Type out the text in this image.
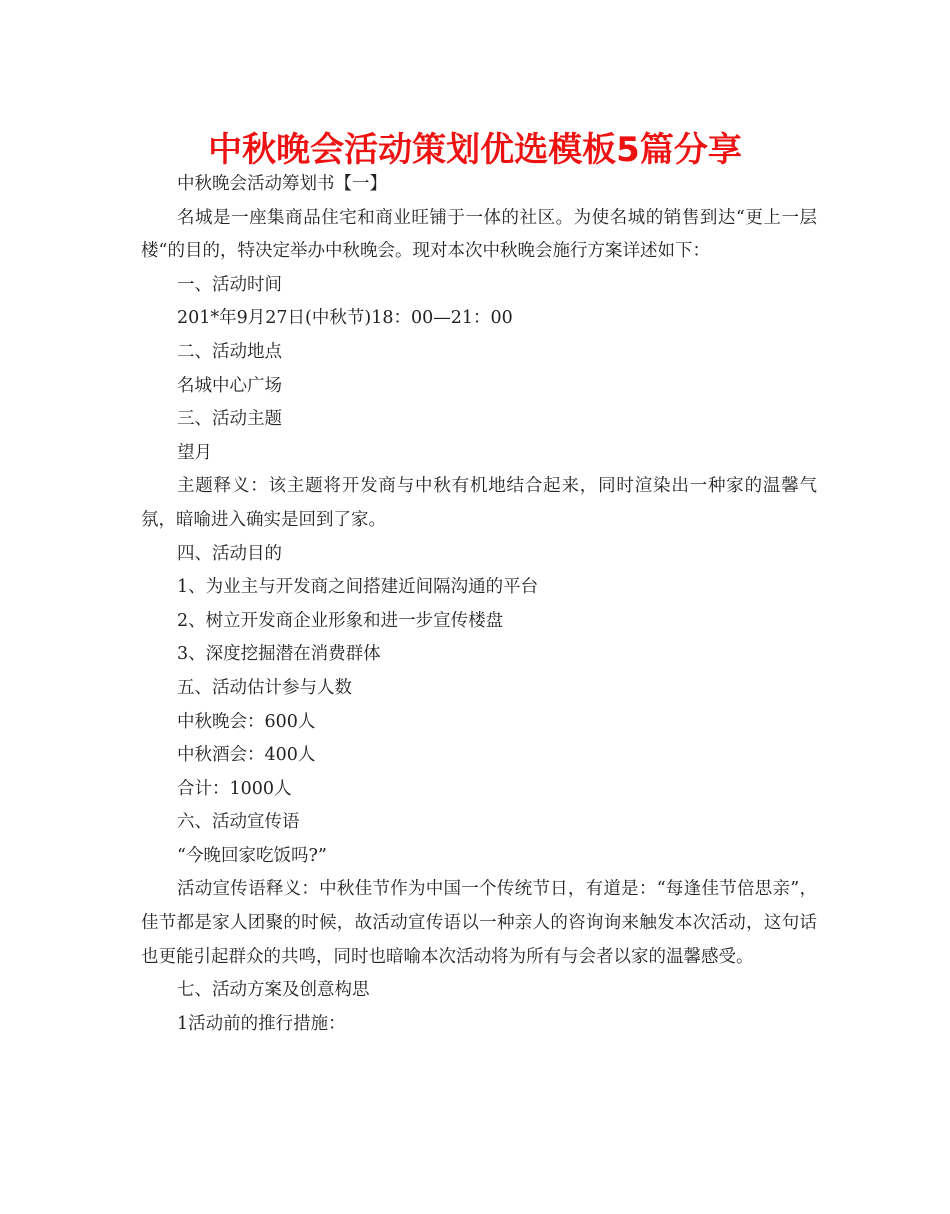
中秋晚会活动策划优选模板5篇分享

中秋晚会活动筹划书【一】

名城是一座集商品住宅和商业旺铺于一体的社区。为使名城的销售到达“更上一层楼“的目的，特决定举办中秋晚会。现对本次中秋晚会施行方案详述如下：

一、活动时间

201*年9月27日(中秋节)18：00—21：00

二、活动地点

名城中心广场

三、活动主题

望月

主题释义：该主题将开发商与中秋有机地结合起来，同时渲染出一种家的温馨气氛，暗喻进入确实是回到了家。

四、活动目的

1、为业主与开发商之间搭建近间隔沟通的平台

2、树立开发商企业形象和进一步宣传楼盘

3、深度挖掘潜在消费群体

五、活动估计参与人数

中秋晚会：600人

中秋酒会：400人

合计：1000人

六、活动宣传语

“今晚回家吃饭吗?”

活动宣传语释义：中秋佳节作为中国一个传统节日，有道是：“每逢佳节倍思亲”，佳节都是家人团聚的时候，故活动宣传语以一种亲人的咨询询来触发本次活动，这句话也更能引起群众的共鸣，同时也暗喻本次活动将为所有与会者以家的温馨感受。

七、活动方案及创意构思

1活动前的推行措施：
